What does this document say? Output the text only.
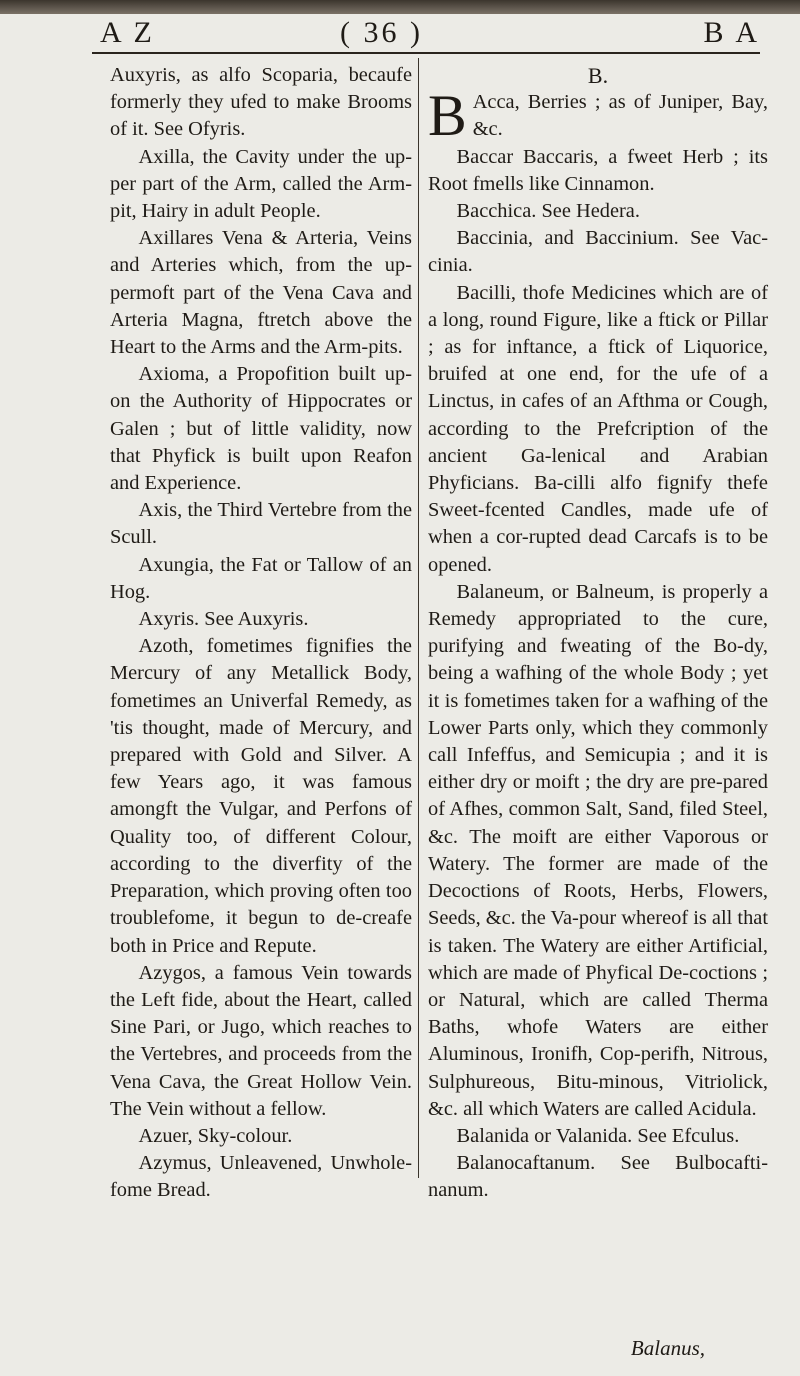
A Z	( 36 )	B A

Auxyris, as alfo Scoparia, becaufe formerly they ufed to make Brooms of it. See Ofyris.

Axilla, the Cavity under the up-per part of the Arm, called the Arm-pit, Hairy in adult People.

Axillares Vena & Arteria, Veins and Arteries which, from the up-permoft part of the Vena Cava and Arteria Magna, ftretch above the Heart to the Arms and the Arm-pits.

Axioma, a Propofition built up-on the Authority of Hippocrates or Galen ; but of little validity, now that Phyfick is built upon Reafon and Experience.

Axis, the Third Vertebre from the Scull.

Axungia, the Fat or Tallow of an Hog.

Axyris. See Auxyris.

Azoth, fometimes fignifies the Mercury of any Metallick Body, fometimes an Univerfal Remedy, as 'tis thought, made of Mercury, and prepared with Gold and Silver. A few Years ago, it was famous amongft the Vulgar, and Perfons of Quality too, of different Colour, according to the diverfity of the Preparation, which proving often too troublefome, it begun to de-creafe both in Price and Repute.

Azygos, a famous Vein towards the Left fide, about the Heart, called Sine Pari, or Jugo, which reaches to the Vertebres, and proceeds from the Vena Cava, the Great Hollow Vein. The Vein without a fellow.

Azuer, Sky-colour.

Azymus, Unleavened, Unwhole-fome Bread.

B.

B Acca, Berries ; as of Juniper, Bay, &c.

Baccar Baccaris, a fweet Herb ; its Root fmells like Cinnamon.

Bacchica. See Hedera.

Baccinia, and Baccinium. See Vac-cinia.

Bacilli, thofe Medicines which are of a long, round Figure, like a ftick or Pillar ; as for inftance, a ftick of Liquorice, bruifed at one end, for the ufe of a Linctus, in cafes of an Afthma or Cough, according to the Prefcription of the ancient Ga-lenical and Arabian Phyficians. Ba-cilli alfo fignify thefe Sweet-fcented Candles, made ufe of when a cor-rupted dead Carcafs is to be opened.

Balaneum, or Balneum, is properly a Remedy appropriated to the cure, purifying and fweating of the Bo-dy, being a wafhing of the whole Body ; yet it is fometimes taken for a wafhing of the Lower Parts only, which they commonly call Infeffus, and Semicupia ; and it is either dry or moift ; the dry are pre-pared of Afhes, common Salt, Sand, filed Steel, &c. The moift are either Vaporous or Watery. The former are made of the Decoctions of Roots, Herbs, Flowers, Seeds, &c. the Va-pour whereof is all that is taken. The Watery are either Artificial, which are made of Phyfical De-coctions ; or Natural, which are called Therma Baths, whofe Waters are either Aluminous, Ironifh, Cop-perifh, Nitrous, Sulphureous, Bitu-minous, Vitriolick, &c. all which Waters are called Acidula.

Balanida or Valanida. See Efculus.

Balanocaftanum. See Bulbocafti-nanum.

Balanus,
